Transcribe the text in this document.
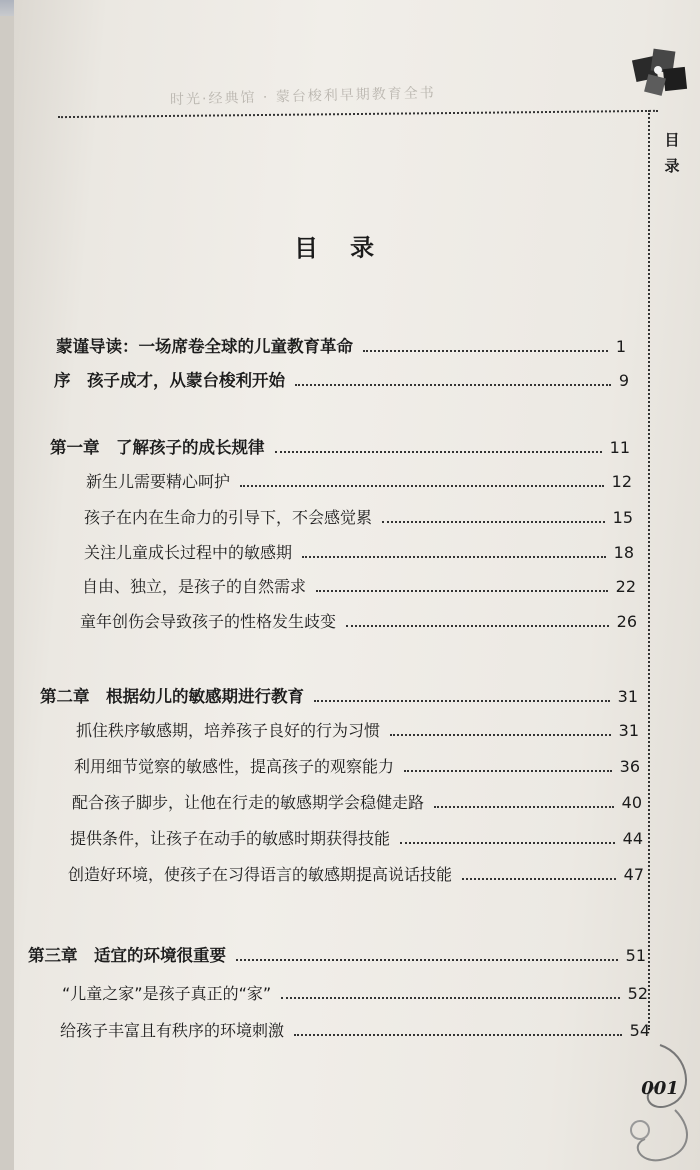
时光·经典馆 · 蒙台梭利早期教育全书
目
录
目录
蒙谨导读：一场席卷全球的儿童教育革命	1
序　孩子成才，从蒙台梭利开始	9
第一章　了解孩子的成长规律	11
新生儿需要精心呵护	12
孩子在内在生命力的引导下，不会感觉累	15
关注儿童成长过程中的敏感期	18
自由、独立，是孩子的自然需求	22
童年创伤会导致孩子的性格发生歧变	26
第二章　根据幼儿的敏感期进行教育	31
抓住秩序敏感期，培养孩子良好的行为习惯	31
利用细节觉察的敏感性，提高孩子的观察能力	36
配合孩子脚步，让他在行走的敏感期学会稳健走路	40
提供条件，让孩子在动手的敏感时期获得技能	44
创造好环境，使孩子在习得语言的敏感期提高说话技能	47
第三章　适宜的环境很重要	51
“儿童之家”是孩子真正的“家”	52
给孩子丰富且有秩序的环境刺激	54
001
